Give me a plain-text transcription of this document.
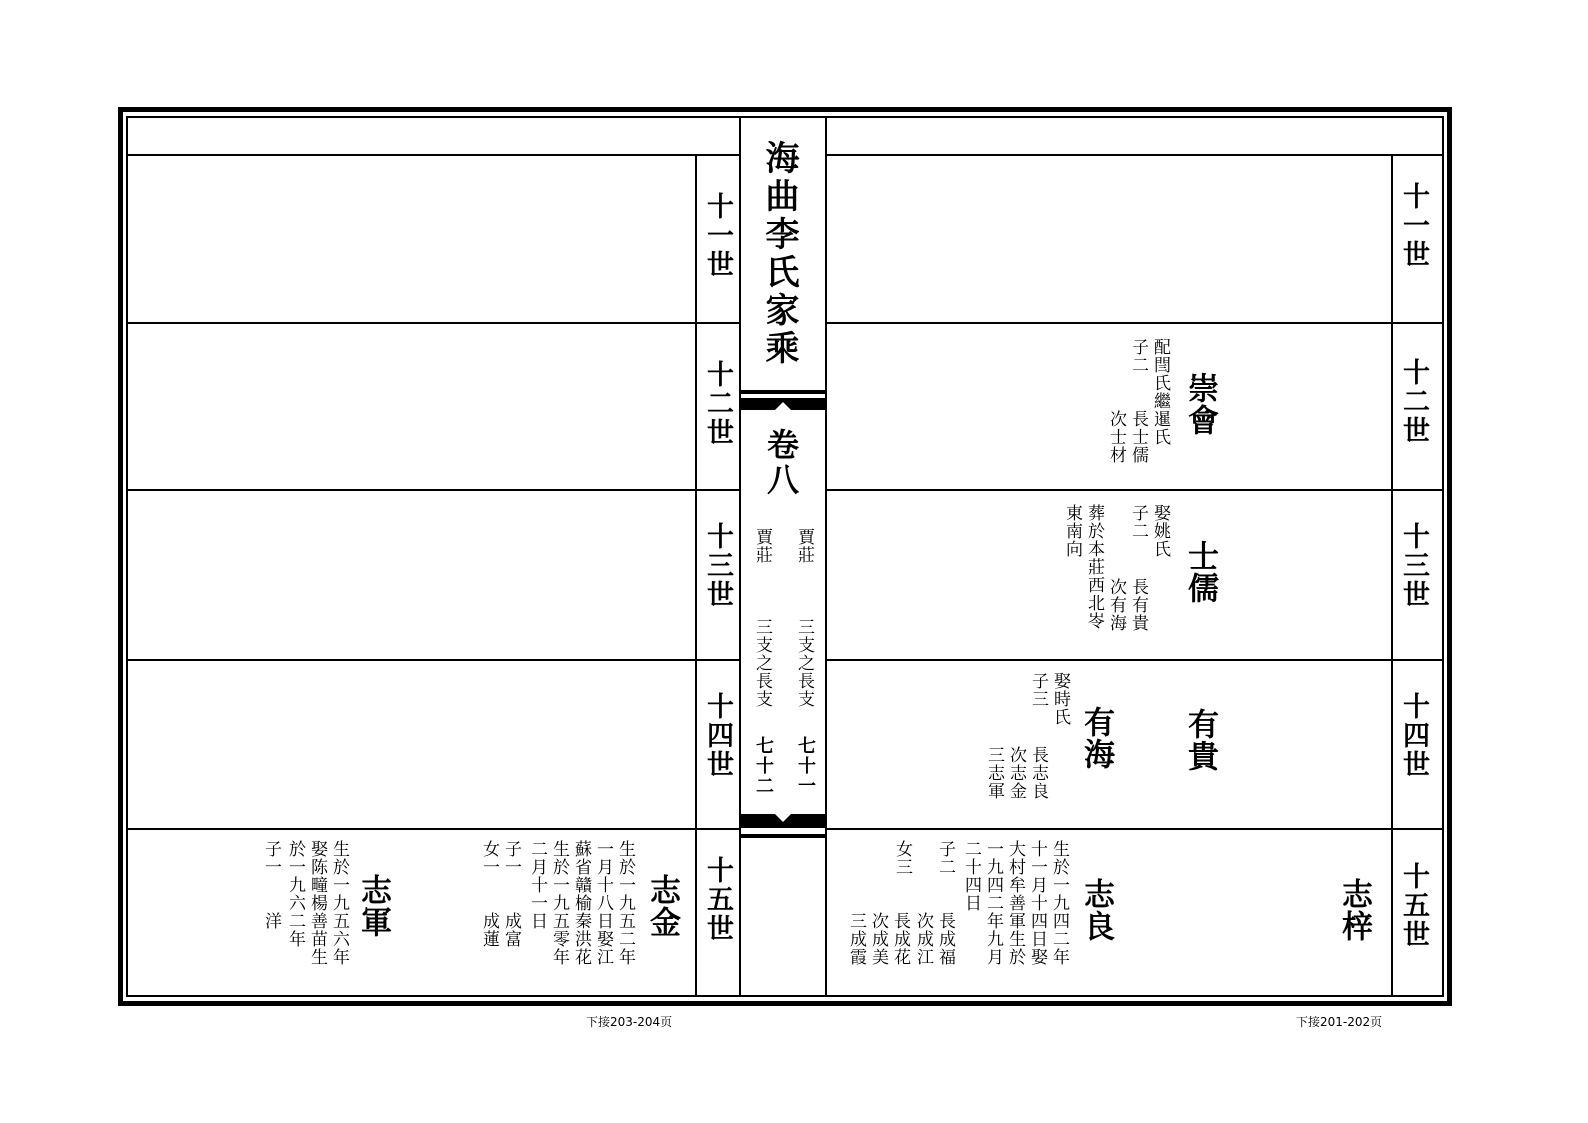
海曲李氏家乘
卷八
賈莊
三支之長支
七十一
賈莊
三支之長支
七十二
十一世
十二世
十三世
十四世
十五世
十一世
十二世
十三世
十四世
十五世
崇會
配閆氏繼暹氏
子二
長士儒
次士材
士儒
娶姚氏
子二
長有貴
次有海
葬於本莊西北岺
東南向
有貴
有海
娶時氏
子三
長志良
次志金
三志軍
志梓
志良
生於一九四二年
十一月十四日娶
大村牟善軍生於
一九四二年九月
二十四日
子二
女三
長成福
次成江
長成花
次成美
三成霞
志金
生於一九五二年
一月十八日娶江
蘇省贛榆秦洪花
生於一九五零年
二月十一日
子一
女一
成富
成蓮
志軍
生於一九五六年
娶陈疃楊善苗生
於一九六二年
子一
洋
下接203-204页	下接201-202页
